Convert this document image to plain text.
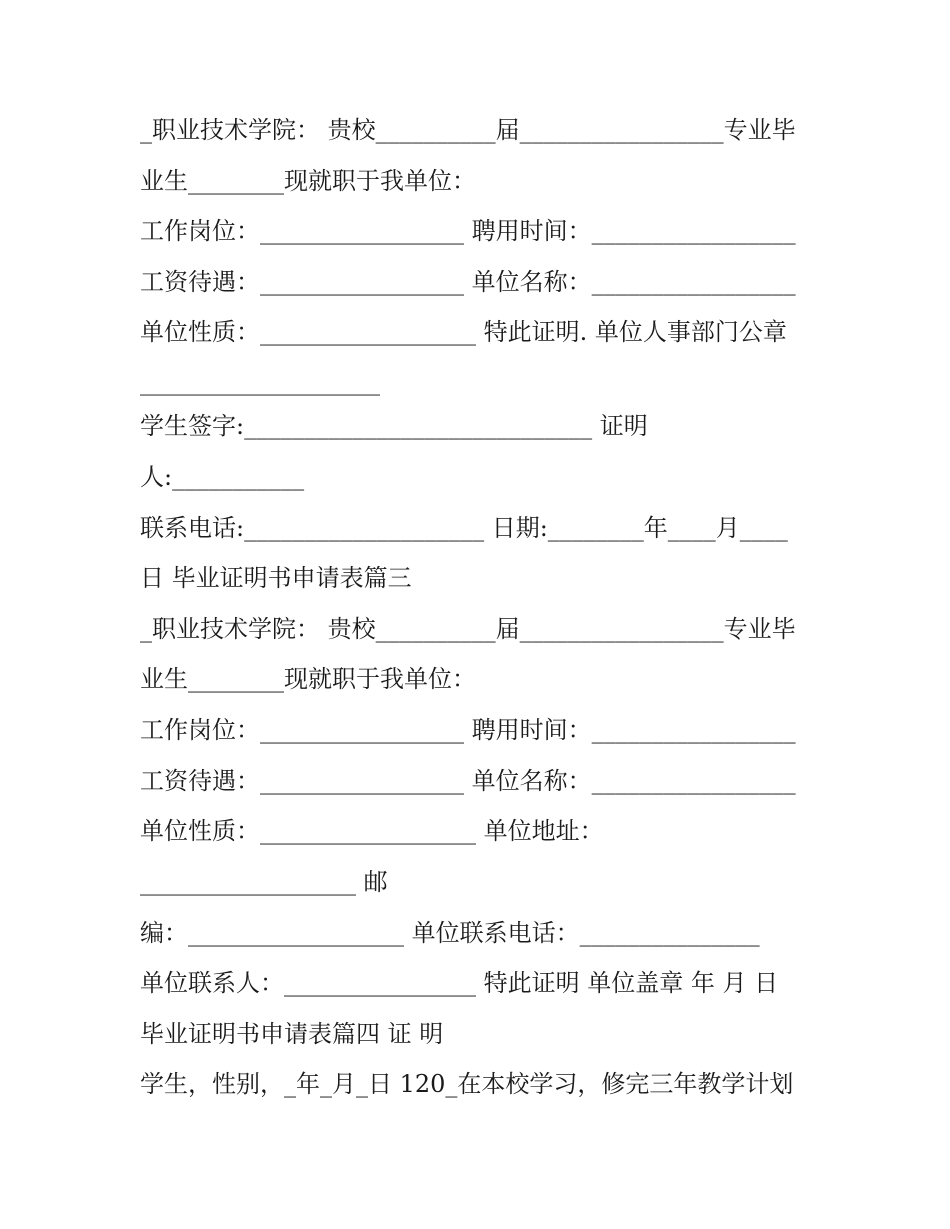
_职业技术学院： 贵校__________届_________________专业毕
业生________现就职于我单位：
工作岗位：_________________ 聘用时间：_________________
工资待遇：_________________ 单位名称：_________________
单位性质：__________________ 特此证明. 单位人事部门公章
____________________
学生签字:_____________________________ 证明
人:___________
联系电话:____________________ 日期:________年____月____
日 毕业证明书申请表篇三
_职业技术学院： 贵校__________届_________________专业毕
业生________现就职于我单位：
工作岗位：_________________ 聘用时间：_________________
工资待遇：_________________ 单位名称：_________________
单位性质：__________________ 单位地址：
__________________ 邮
编：__________________ 单位联系电话：_______________
单位联系人：________________ 特此证明 单位盖章 年 月 日
毕业证明书申请表篇四 证 明
学生，性别，_年_月_日 120_在本校学习，修完三年教学计划
